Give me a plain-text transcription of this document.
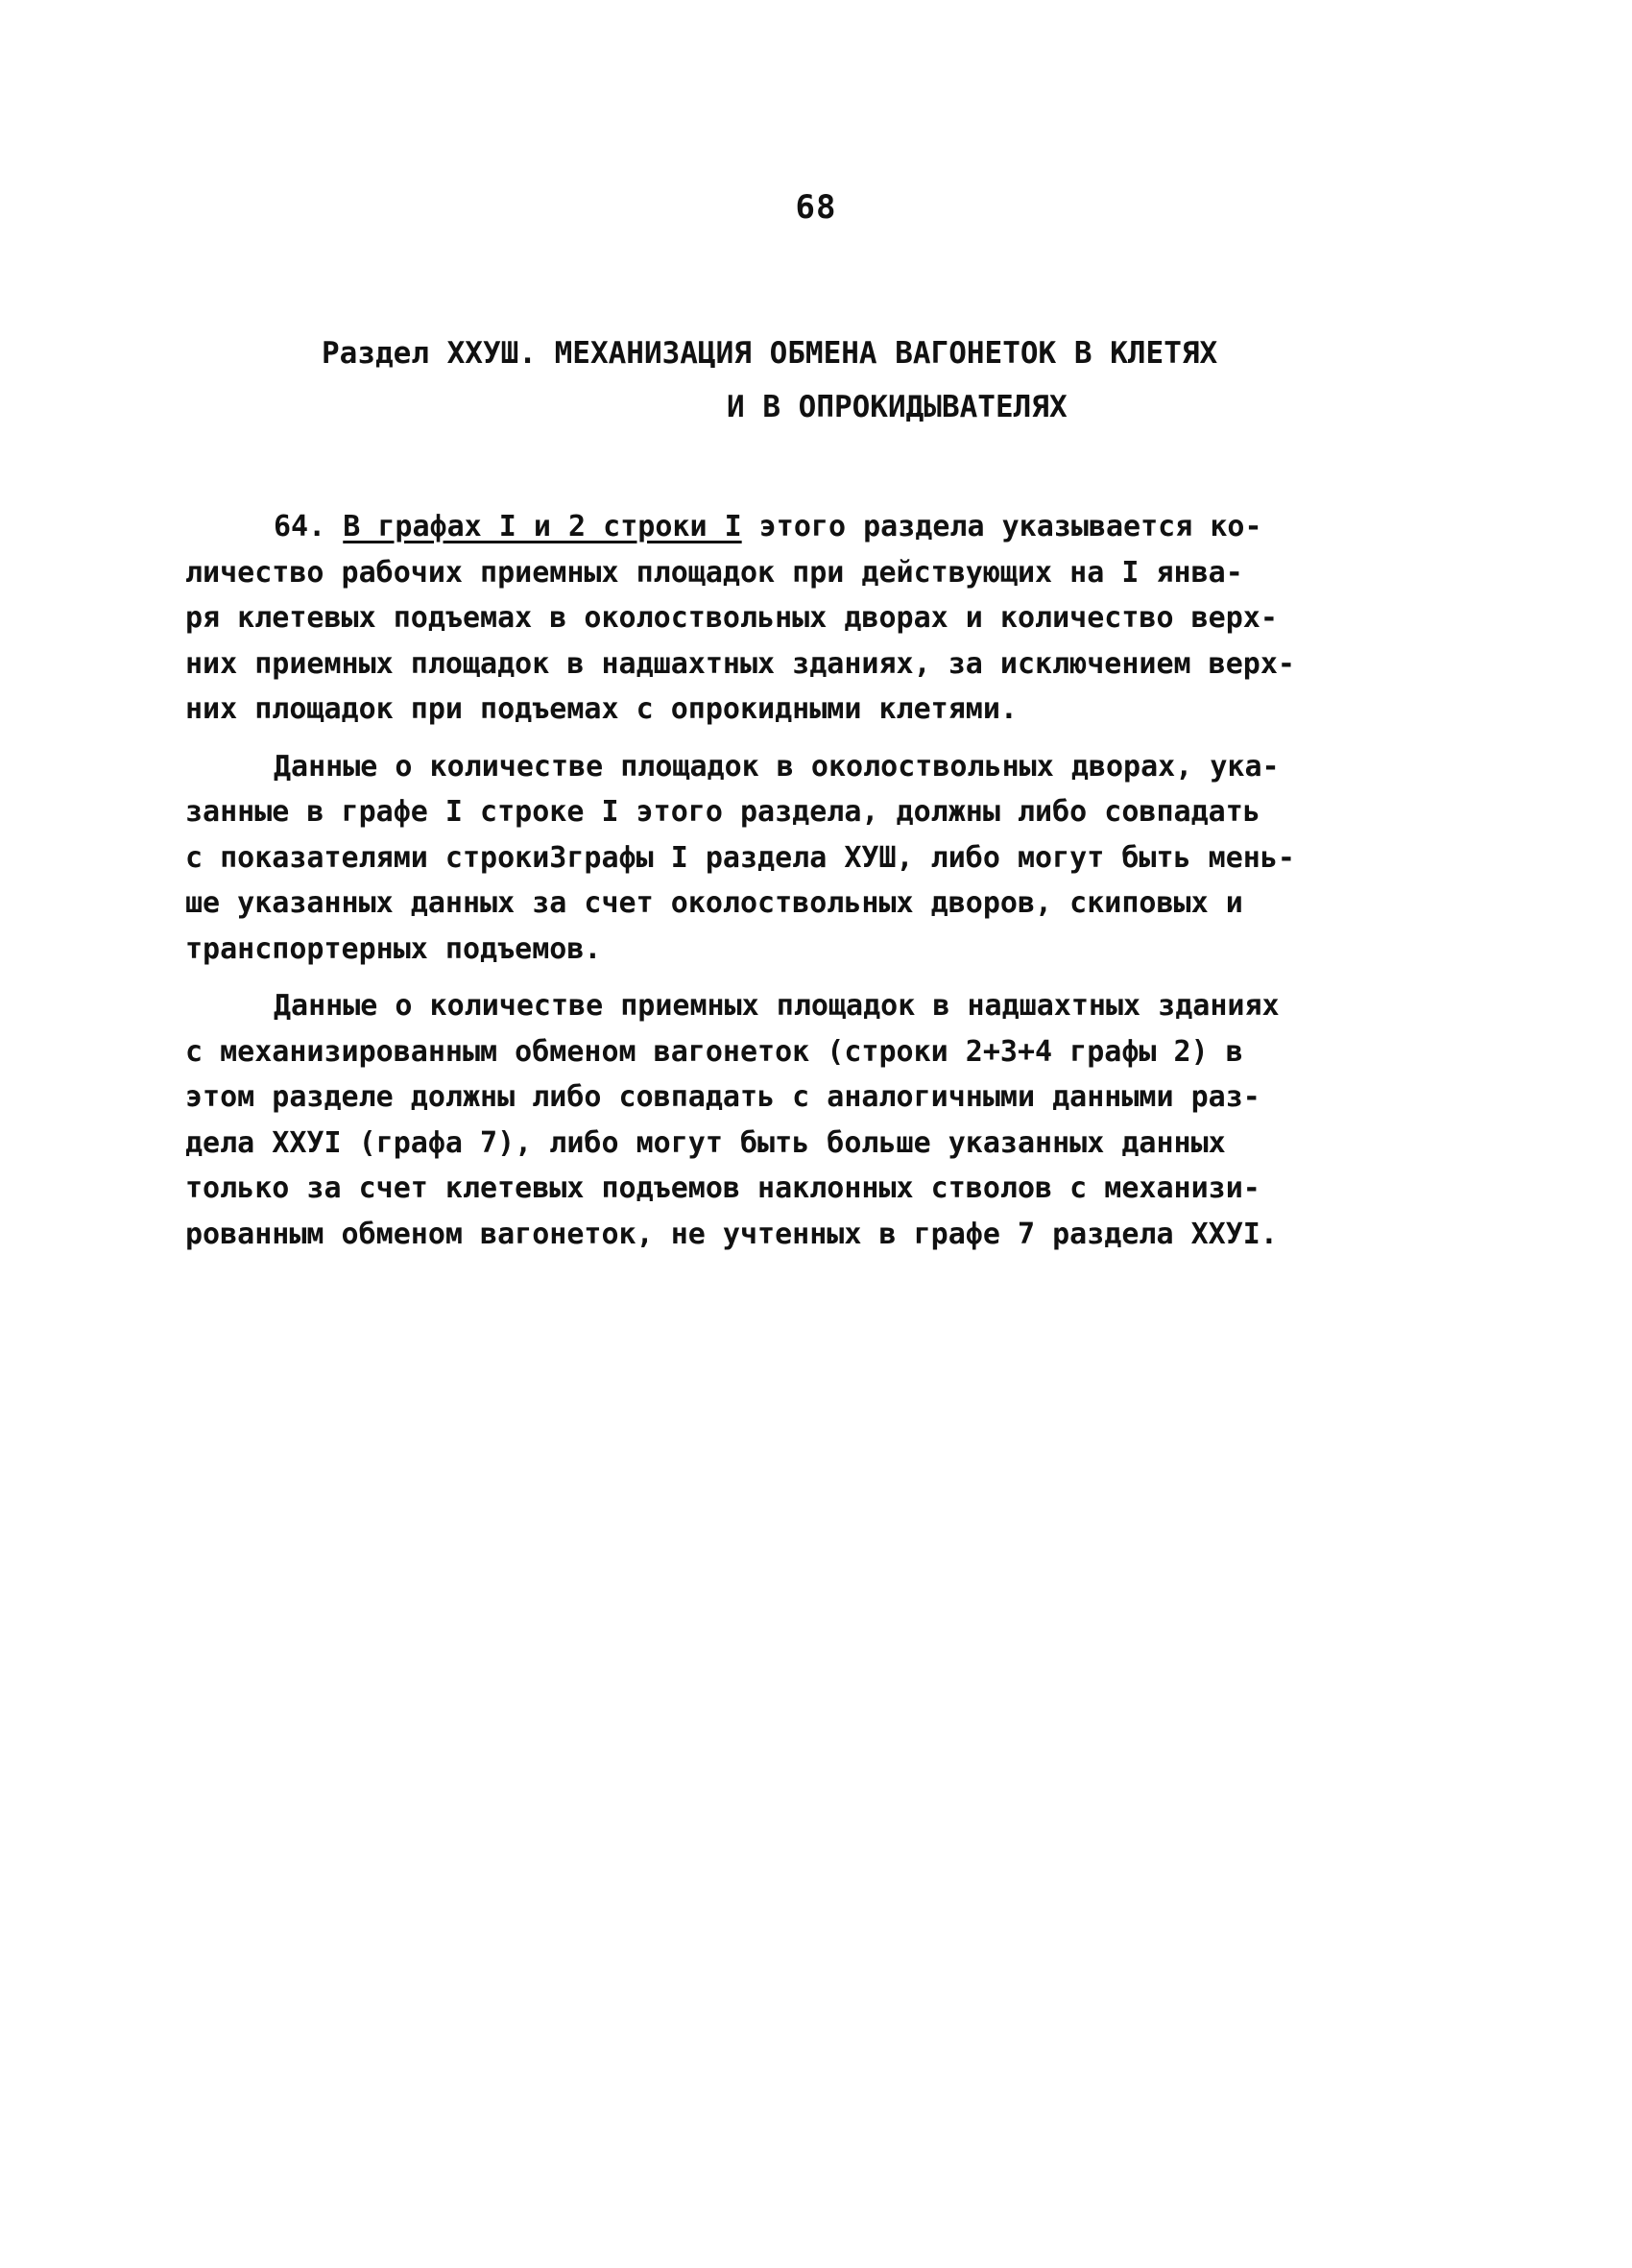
68
Раздел XXУШ. МЕХАНИЗАЦИЯ ОБМЕНА ВАГОНЕТОК В КЛЕТЯХ
И В ОПРОКИДЫВАТЕЛЯХ
64. В графах I и 2 строки I этого раздела указывается ко-
личество рабочих приемных площадок при действующих на I янва-
ря клетевых подъемах в околоствольных дворах и количество верх-
них приемных площадок в надшахтных зданиях, за исключением верх-
них площадок при подъемах с опрокидными клетями.
Данные о количестве площадок в околоствольных дворах, ука-
занные в графе I строке I этого раздела, должны либо совпадать
с показателями строки3графы I раздела ХУШ, либо могут быть мень-
ше указанных данных за счет околоствольных дворов, скиповых и
транспортерных подъемов.
Данные о количестве приемных площадок в надшахтных зданиях
с механизированным обменом вагонеток (строки 2+3+4 графы 2) в
этом разделе должны либо совпадать с аналогичными данными раз-
дела XXУI (графа 7), либо могут быть больше указанных данных
только за счет клетевых подъемов наклонных стволов с механизи-
рованным обменом вагонеток, не учтенных в графе 7 раздела XXУI.
